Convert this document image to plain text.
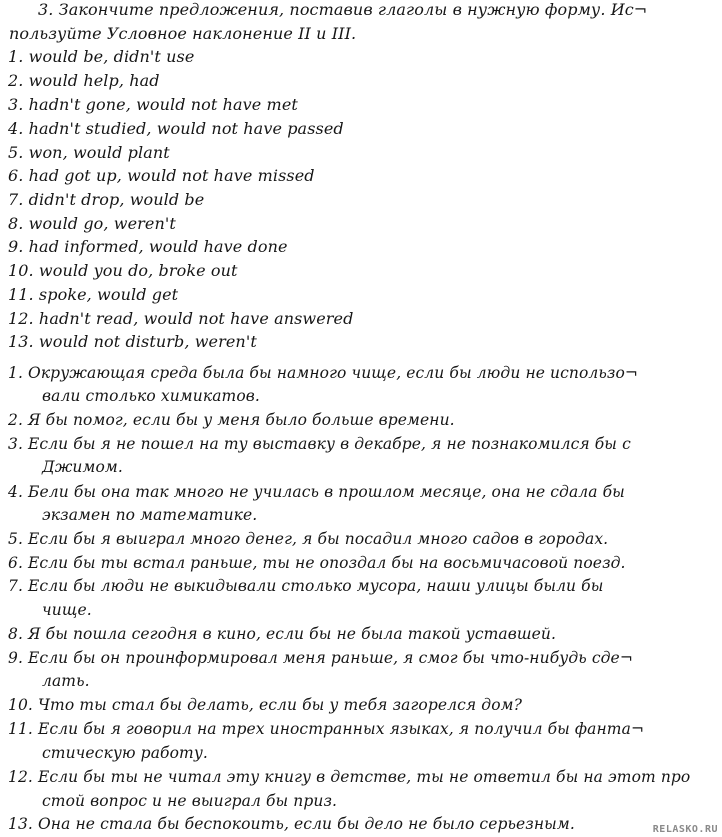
3. Закончите предложения, поставив глаголы в нужную форму. Ис¬
пользуйте Условное наклонение II и III.
1. would be, didn't use
2. would help, had
3. hadn't gone, would not have met
4. hadn't studied, would not have passed
5. won, would plant
6. had got up, would not have missed
7. didn't drop, would be
8. would go, weren't
9. had informed, would have done
10. would you do, broke out
11. spoke, would get
12. hadn't read, would not have answered
13. would not disturb, weren't
1. Окружающая среда была бы намного чище, если бы люди не использо¬
вали столько химикатов.
2. Я бы помог, если бы у меня было больше времени.
3. Если бы я не пошел на ту выставку в декабре, я не познакомился бы с
Джимом.
4. Бели бы она так много не училась в прошлом месяце, она не сдала бы
экзамен по математике.
5. Если бы я выиграл много денег, я бы посадил много садов в городах.
6. Если бы ты встал раньше, ты не опоздал бы на восьмичасовой поезд.
7. Если бы люди не выкидывали столько мусора, наши улицы были бы
чище.
8. Я бы пошла сегодня в кино, если бы не была такой уставшей.
9. Если бы он проинформировал меня раньше, я смог бы что-нибудь сде¬
лать.
10. Что ты стал бы делать, если бы у тебя загорелся дом?
11. Если бы я говорил на трех иностранных языках, я получил бы фанта¬
стическую работу.
12. Если бы ты не читал эту книгу в детстве, ты не ответил бы на этот про
стой вопрос и не выиграл бы приз.
13. Она не стала бы беспокоить, если бы дело не было серьезным.	RELASKO.RU
